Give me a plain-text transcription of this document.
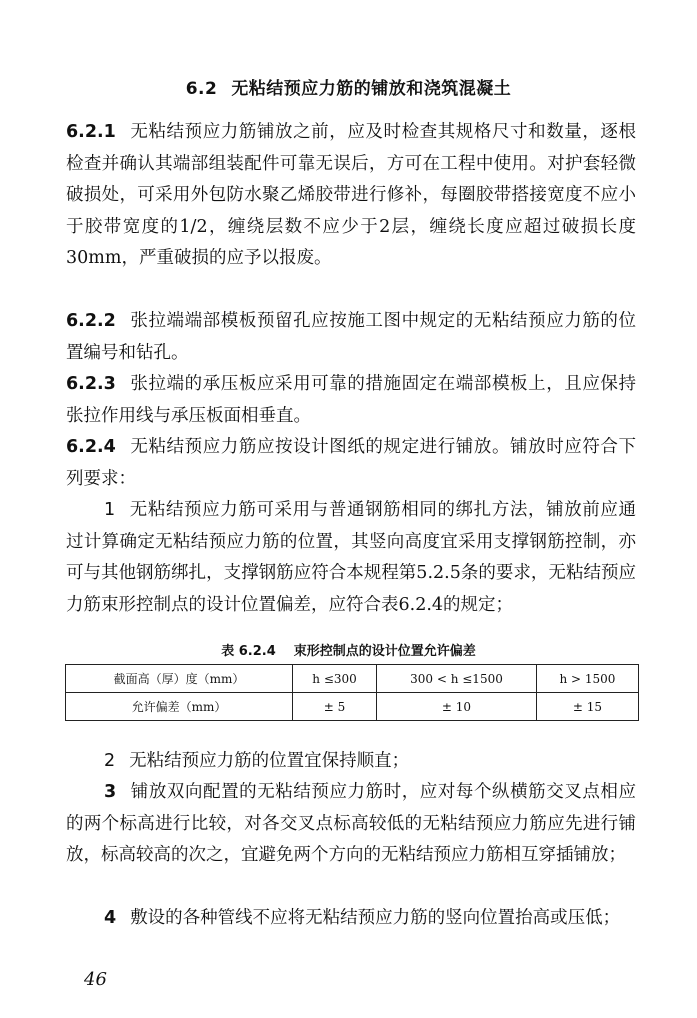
6.2 无粘结预应力筋的铺放和浇筑混凝土
6.2.1 无粘结预应力筋铺放之前，应及时检查其规格尺寸和数量，逐根检查并确认其端部组装配件可靠无误后，方可在工程中使用。对护套轻微破损处，可采用外包防水聚乙烯胶带进行修补，每圈胶带搭接宽度不应小于胶带宽度的1/2，缠绕层数不应少于2层，缠绕长度应超过破损长度30mm，严重破损的应予以报废。
6.2.2 张拉端端部模板预留孔应按施工图中规定的无粘结预应力筋的位置编号和钻孔。
6.2.3 张拉端的承压板应采用可靠的措施固定在端部模板上，且应保持张拉作用线与承压板面相垂直。
6.2.4 无粘结预应力筋应按设计图纸的规定进行铺放。铺放时应符合下列要求：
1 无粘结预应力筋可采用与普通钢筋相同的绑扎方法，铺放前应通过计算确定无粘结预应力筋的位置，其竖向高度宜采用支撑钢筋控制，亦可与其他钢筋绑扎，支撑钢筋应符合本规程第5.2.5条的要求，无粘结预应力筋束形控制点的设计位置偏差，应符合表6.2.4的规定；
表 6.2.4 束形控制点的设计位置允许偏差
截面高（厚）度（mm）	h ≤300	300 < h ≤1500	h > 1500
允许偏差（mm）	± 5	± 10	± 15
2 无粘结预应力筋的位置宜保持顺直；
3 铺放双向配置的无粘结预应力筋时，应对每个纵横筋交叉点相应的两个标高进行比较，对各交叉点标高较低的无粘结预应力筋应先进行铺放，标高较高的次之，宜避免两个方向的无粘结预应力筋相互穿插铺放；
4 敷设的各种管线不应将无粘结预应力筋的竖向位置抬高或压低；
46
